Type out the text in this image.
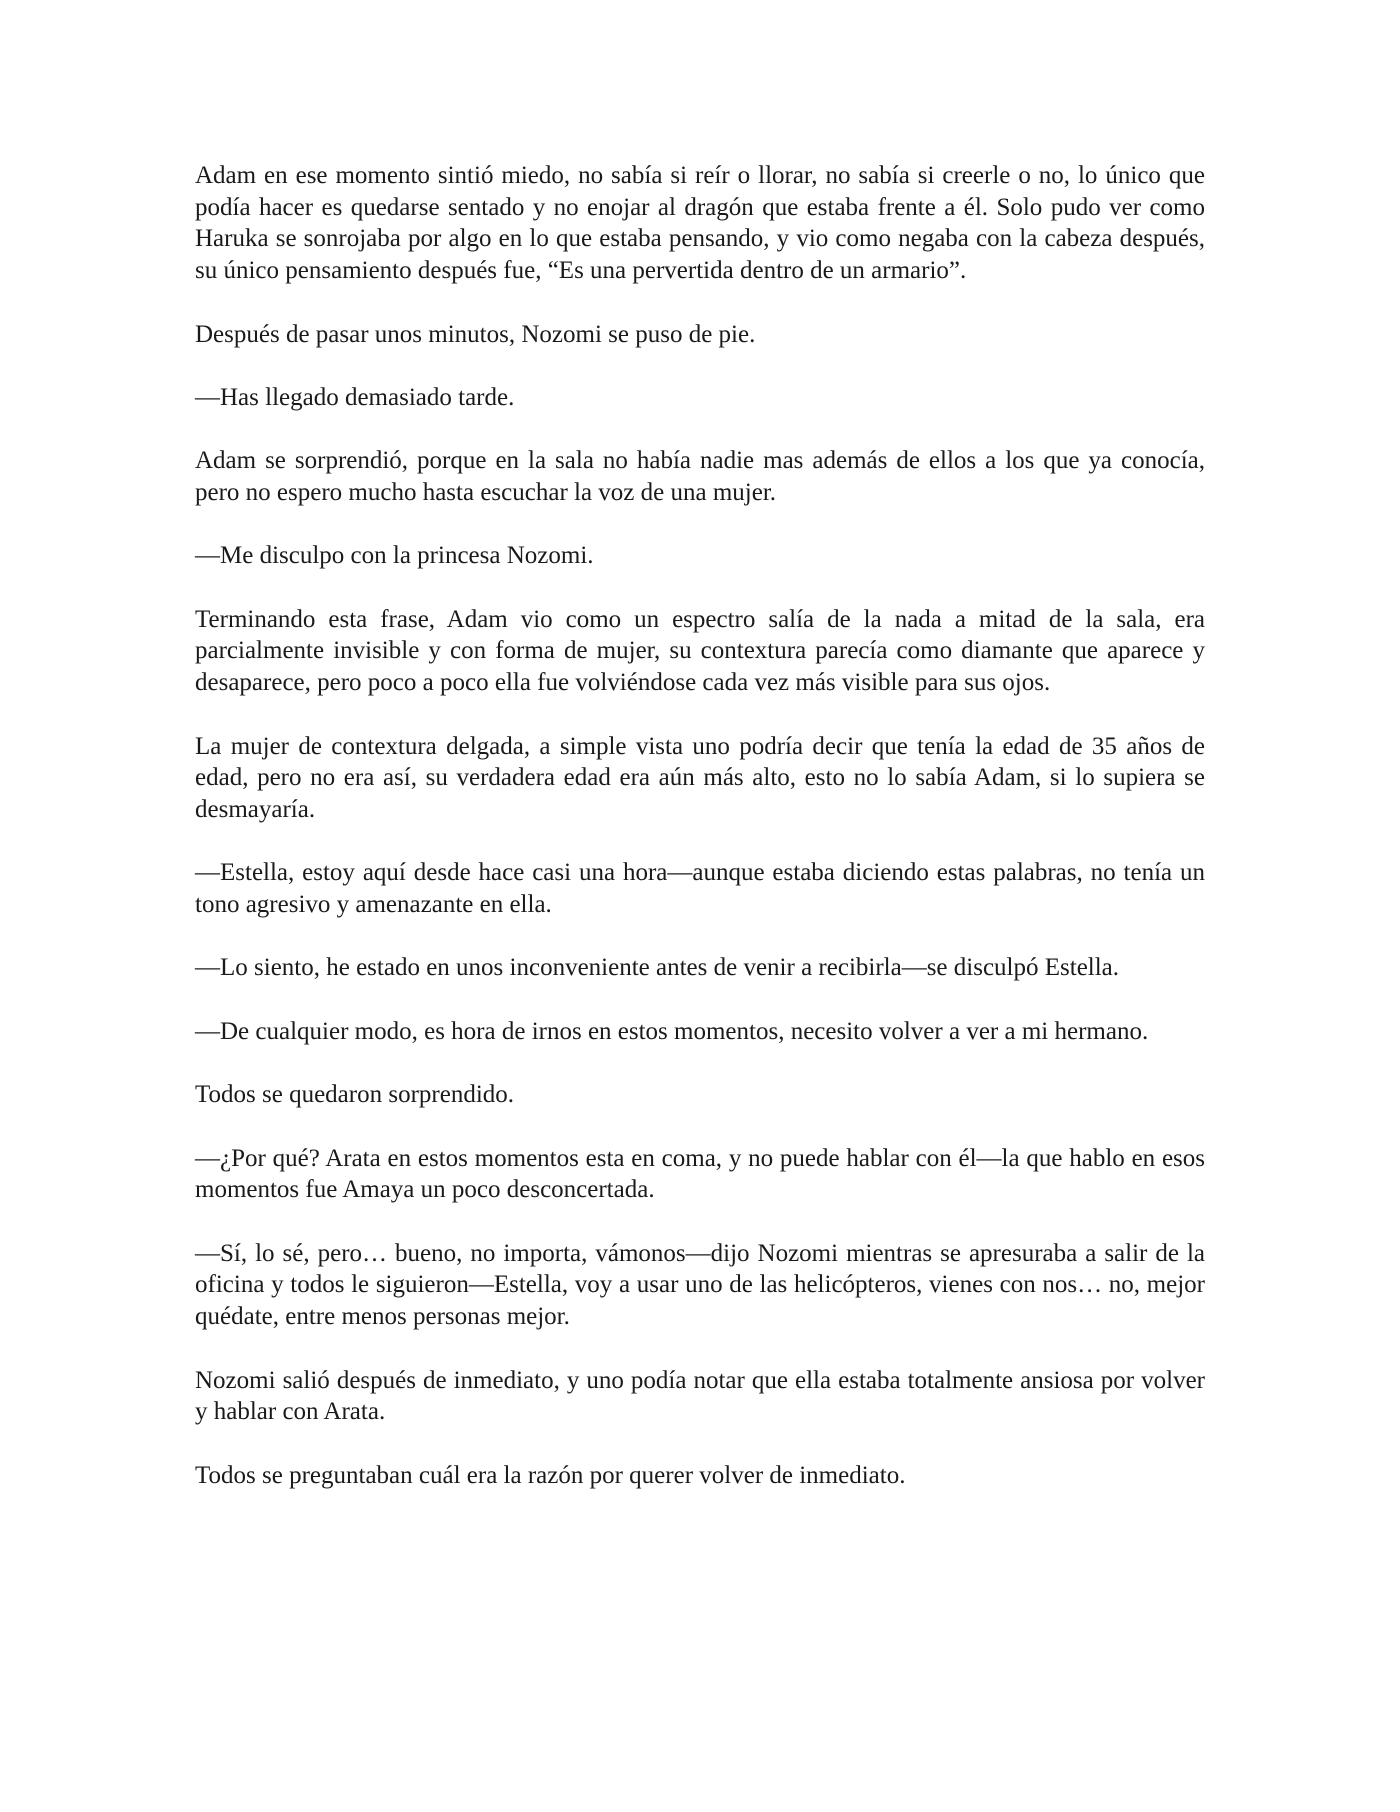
Adam en ese momento sintió miedo, no sabía si reír o llorar, no sabía si creerle o no, lo único que podía hacer es quedarse sentado y no enojar al dragón que estaba frente a él. Solo pudo ver como Haruka se sonrojaba por algo en lo que estaba pensando, y vio como negaba con la cabeza después, su único pensamiento después fue, “Es una pervertida dentro de un armario”.

Después de pasar unos minutos, Nozomi se puso de pie.

—Has llegado demasiado tarde.

Adam se sorprendió, porque en la sala no había nadie mas además de ellos a los que ya conocía, pero no espero mucho hasta escuchar la voz de una mujer.

—Me disculpo con la princesa Nozomi.

Terminando esta frase, Adam vio como un espectro salía de la nada a mitad de la sala, era parcialmente invisible y con forma de mujer, su contextura parecía como diamante que aparece y desaparece, pero poco a poco ella fue volviéndose cada vez más visible para sus ojos.

La mujer de contextura delgada, a simple vista uno podría decir que tenía la edad de 35 años de edad, pero no era así, su verdadera edad era aún más alto, esto no lo sabía Adam, si lo supiera se desmayaría.

—Estella, estoy aquí desde hace casi una hora—aunque estaba diciendo estas palabras, no tenía un tono agresivo y amenazante en ella.

—Lo siento, he estado en unos inconveniente antes de venir a recibirla—se disculpó Estella.

—De cualquier modo, es hora de irnos en estos momentos, necesito volver a ver a mi hermano.

Todos se quedaron sorprendido.

—¿Por qué? Arata en estos momentos esta en coma, y no puede hablar con él—la que hablo en esos momentos fue Amaya un poco desconcertada.

—Sí, lo sé, pero… bueno, no importa, vámonos—dijo Nozomi mientras se apresuraba a salir de la oficina y todos le siguieron—Estella, voy a usar uno de las helicópteros, vienes con nos… no, mejor quédate, entre menos personas mejor.

Nozomi salió después de inmediato, y uno podía notar que ella estaba totalmente ansiosa por volver y hablar con Arata.

Todos se preguntaban cuál era la razón por querer volver de inmediato.
